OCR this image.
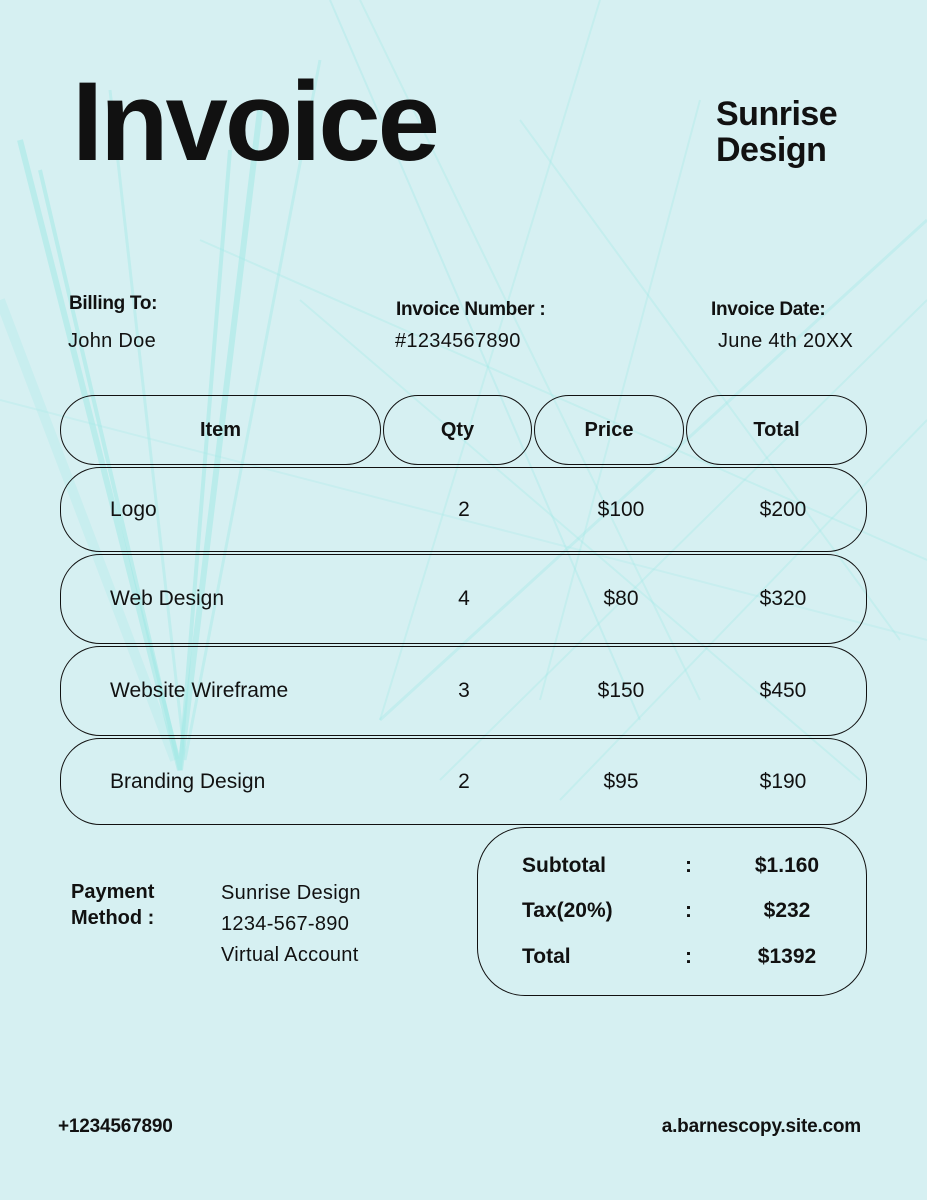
Invoice	Sunrise
Design
Billing To:
John Doe
Invoice Number :
#1234567890
Invoice Date:
June 4th 20XX
Item	Qty	Price	Total
Logo	2	$100	$200
Web Design	4	$80	$320
Website Wireframe	3	$150	$450
Branding Design	2	$95	$190
Payment
Method :
Sunrise Design
1234-567-890
Virtual Account
Subtotal	:	$1.160
Tax(20%)	:	$232
Total	:	$1392
+1234567890	a.barnescopy.site.com
